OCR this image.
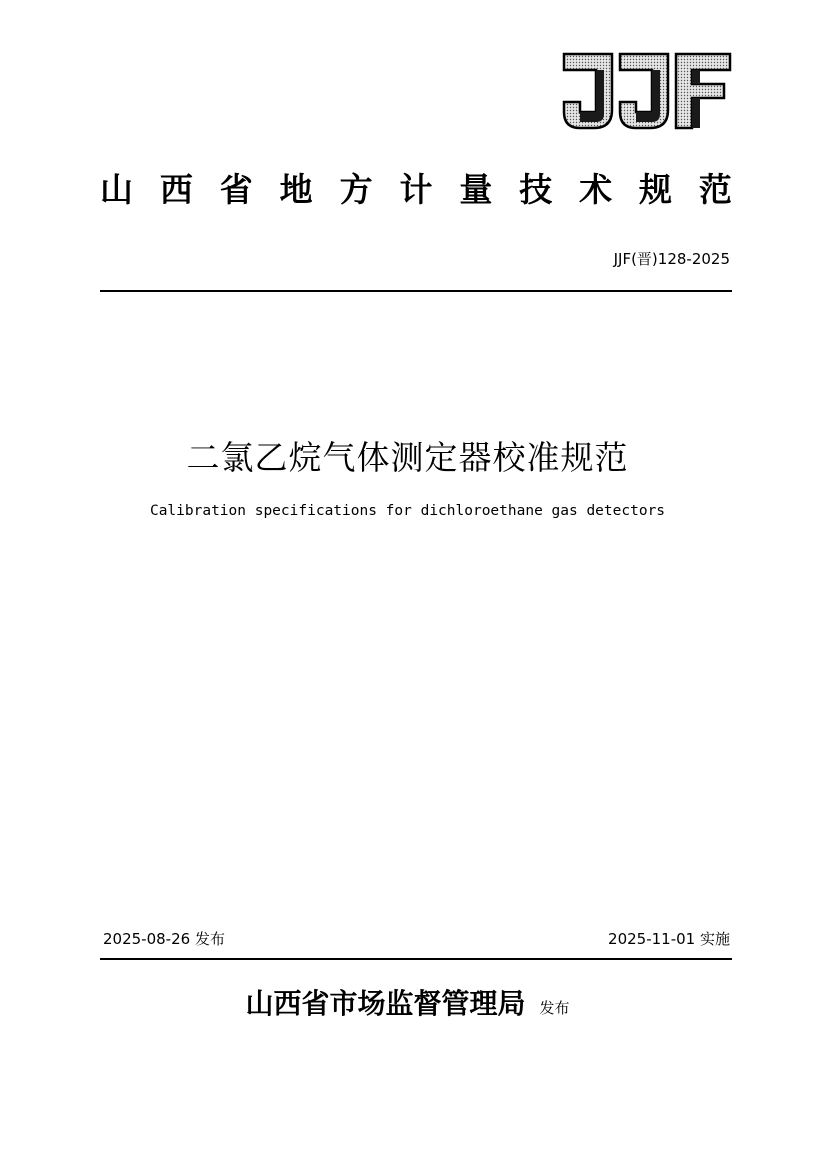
山 西 省 地 方 计 量 技 术 规 范
JJF(晋)128-2025
二氯乙烷气体测定器校准规范
Calibration specifications for dichloroethane gas detectors
2025-08-26 发布	2025-11-01 实施
山西省市场监督管理局 发布
